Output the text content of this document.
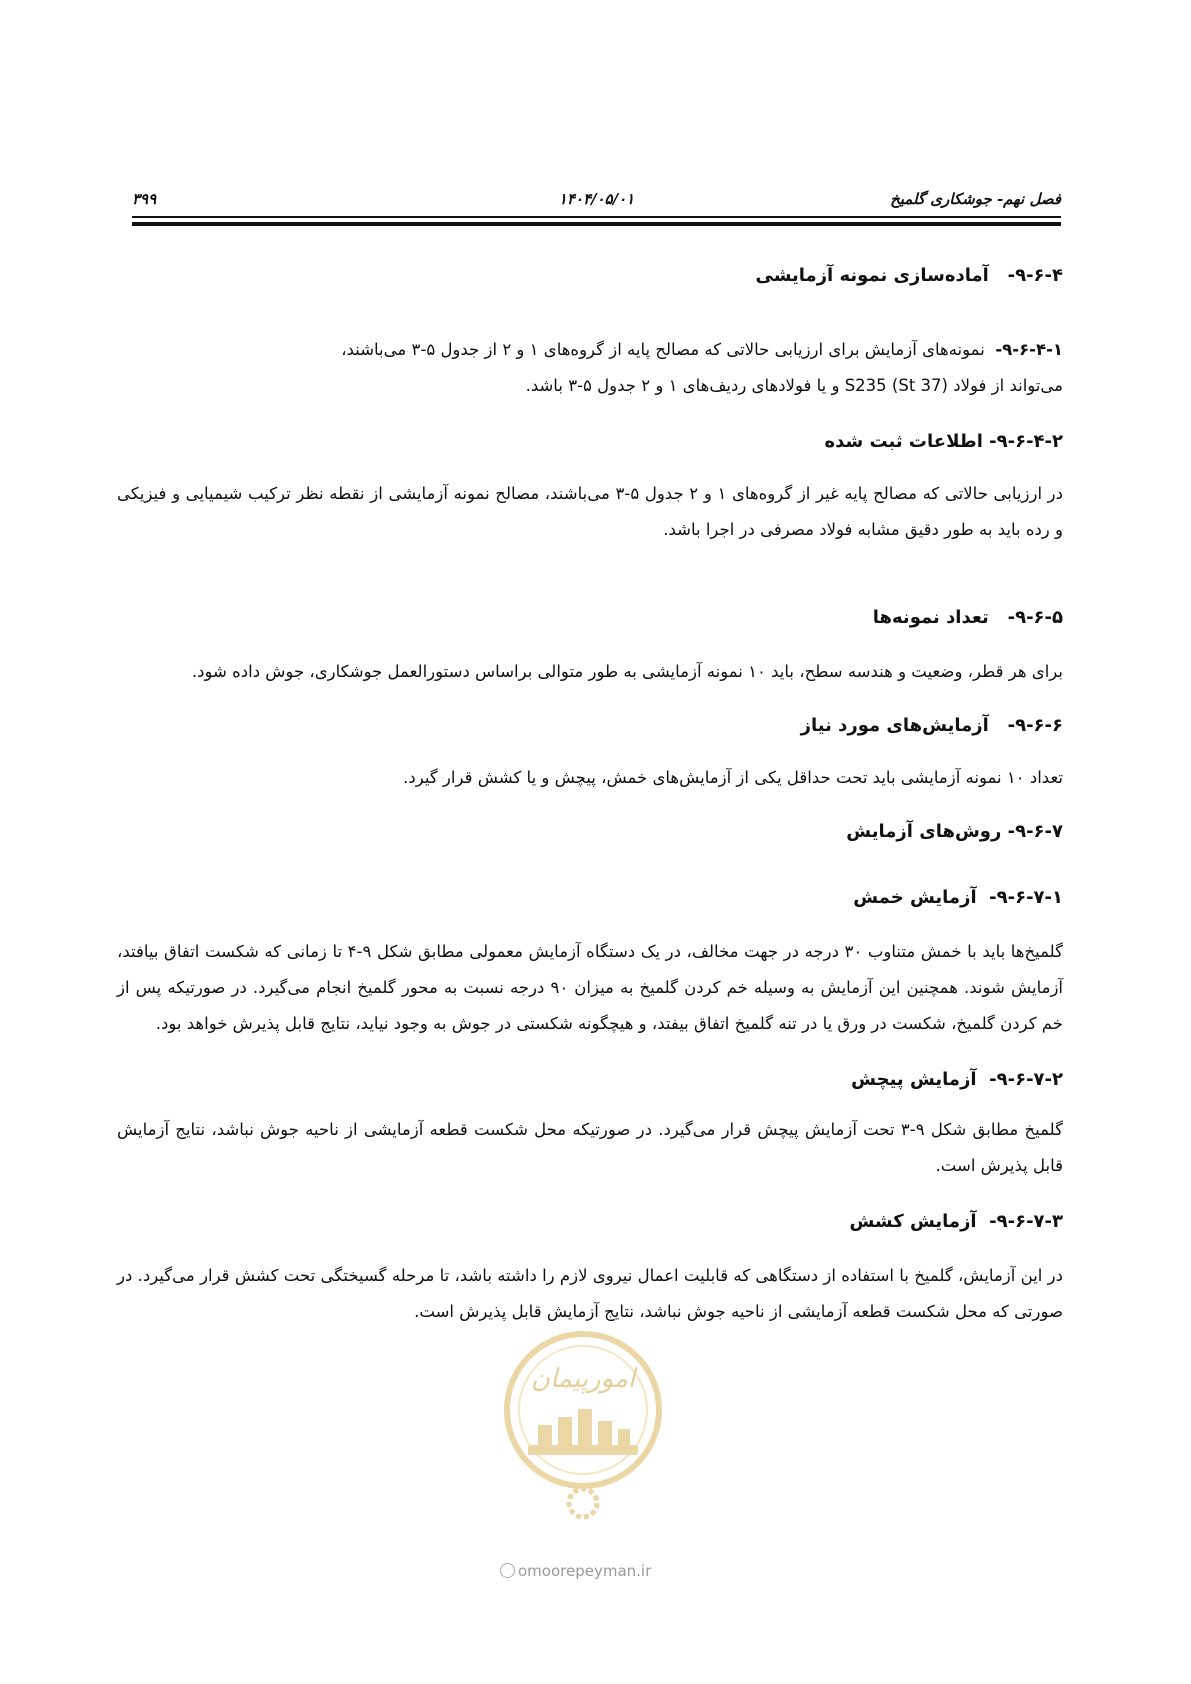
فصل نهم- جوشکاری گلمیخ
۱۴۰۴/۰۵/۰۱
۳۹۹

۹-۶-۴-   آماده‌سازی نمونه آزمایشی

۹-۶-۴-۱-  نمونه‌های آزمایش برای ارزیابی حالاتی که مصالح پایه از گروه‌های ۱ و ۲ از جدول ۵-۳ می‌باشند،

می‌تواند از فولاد (S235 (St 37 و یا فولادهای ردیف‌های ۱ و ۲ جدول ۵-۳ باشد.

۹-۶-۴-۲- اطلاعات ثبت شده

در ارزیابی حالاتی که مصالح پایه غیر از گروه‌های ۱ و ۲ جدول ۵-۳ می‌باشند، مصالح نمونه آزمایشی از نقطه نظر ترکیب شیمیایی و فیزیکی و رده باید به طور دقیق مشابه فولاد مصرفی در اجرا باشد.

۹-۶-۵-   تعداد نمونه‌ها

برای هر قطر، وضعیت و هندسه سطح، باید ۱۰ نمونه آزمایشی به طور متوالی براساس دستورالعمل جوشکاری، جوش داده شود.

۹-۶-۶-   آزمایش‌های مورد نیاز

تعداد ۱۰ نمونه آزمایشی باید تحت حداقل یکی از آزمایش‌های خمش، پیچش و یا کشش قرار گیرد.

۹-۶-۷- روش‌های آزمایش

۹-۶-۷-۱-  آزمایش خمش

گلمیخ‌ها باید با خمش متناوب ۳۰ درجه در جهت مخالف، در یک دستگاه آزمایش معمولی مطابق شکل ۹-۴ تا زمانی که شکست اتفاق بیافتد، آزمایش شوند. همچنین این آزمایش به وسیله خم کردن گلمیخ به میزان ۹۰ درجه نسبت به محور گلمیخ انجام می‌گیرد. در صورتیکه پس از خم کردن گلمیخ، شکست در ورق یا در تنه گلمیخ اتفاق بیفتد، و هیچگونه شکستی در جوش به وجود نیاید، نتایج قابل پذیرش خواهد بود.

۹-۶-۷-۲-  آزمایش پیچش

گلمیخ مطابق شکل ۹-۳ تحت آزمایش پیچش قرار می‌گیرد. در صورتیکه محل شکست قطعه آزمایشی از ناحیه جوش نباشد، نتایج آزمایش قابل پذیرش است.

۹-۶-۷-۳-  آزمایش کشش

در این آزمایش، گلمیخ با استفاده از دستگاهی که قابلیت اعمال نیروی لازم را داشته باشد، تا مرحله گسیختگی تحت کشش قرار می‌گیرد. در صورتی که محل شکست قطعه آزمایشی از ناحیه جوش نباشد، نتایج آزمایش قابل پذیرش است.

امورپیمان
omoorepeyman.ir
